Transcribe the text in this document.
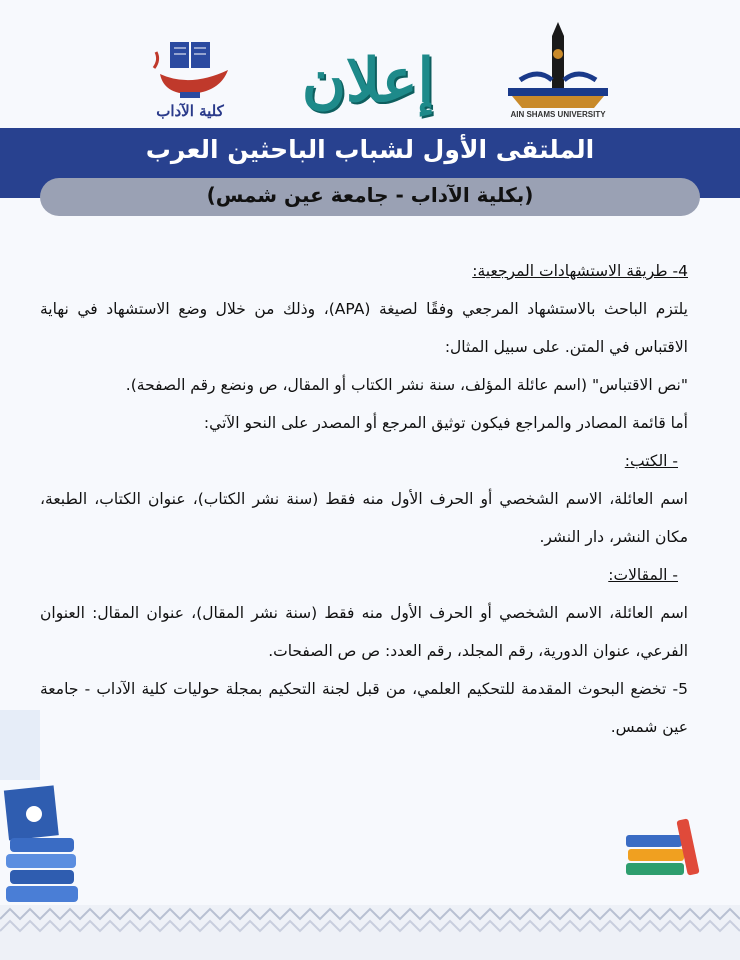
كلية الآداب إعلان	AIN SHAMS UNIVERSITY
الملتقى الأول لشباب الباحثين العرب
(بكلية الآداب - جامعة عين شمس)

4- طريقة الاستشهادات المرجعية:

يلتزم الباحث بالاستشهاد المرجعي وفقًا لصيغة (APA)، وذلك من خلال وضع الاستشهاد في نهاية الاقتباس في المتن. على سبيل المثال:

"نص الاقتباس" (اسم عائلة المؤلف، سنة نشر الكتاب أو المقال، ص ونضع رقم الصفحة).

أما قائمة المصادر والمراجع فيكون توثيق المرجع أو المصدر على النحو الآتي:

- الكتب:

اسم العائلة، الاسم الشخصي أو الحرف الأول منه فقط (سنة نشر الكتاب)، عنوان الكتاب، الطبعة، مكان النشر، دار النشر.

- المقالات:

اسم العائلة، الاسم الشخصي أو الحرف الأول منه فقط (سنة نشر المقال)، عنوان المقال: العنوان الفرعي، عنوان الدورية، رقم المجلد، رقم العدد: ص ص الصفحات.

5- تخضع البحوث المقدمة للتحكيم العلمي، من قبل لجنة التحكيم بمجلة حوليات كلية الآداب - جامعة عين شمس.
